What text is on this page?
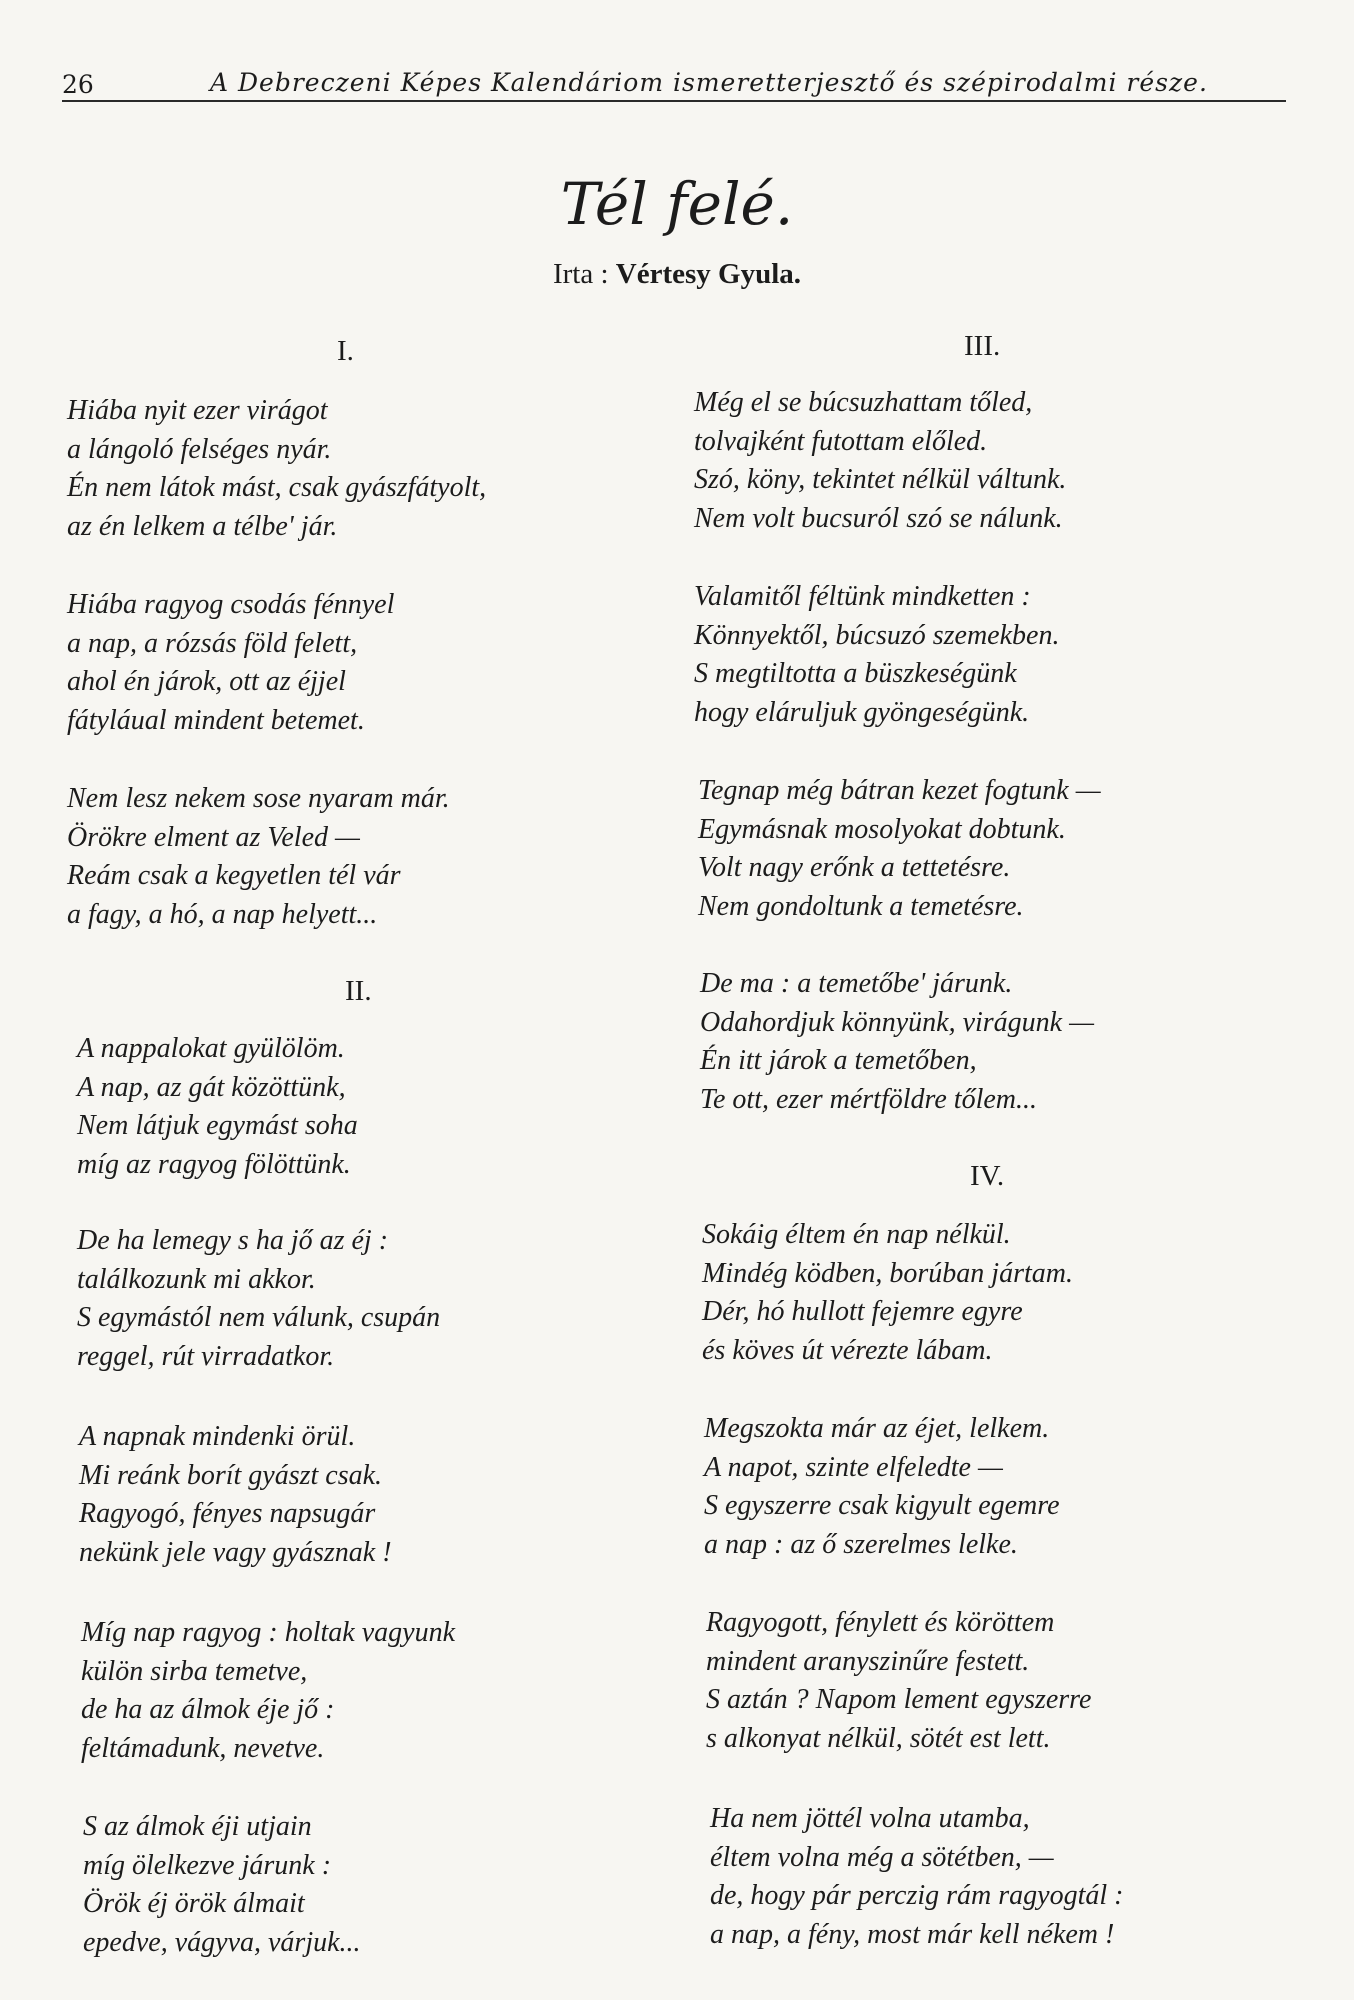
26	A Debreczeni Képes Kalendáriom ismeretterjesztő és szépirodalmi része.
Tél felé.
Irta : Vértesy Gyula.
I.
Hiába nyit ezer virágot
a lángoló felséges nyár.
Én nem látok mást, csak gyászfátyolt,
az én lelkem a télbe' jár.
Hiába ragyog csodás fénnyel
a nap, a rózsás föld felett,
ahol én járok, ott az éjjel
fátyláual mindent betemet.
Nem lesz nekem sose nyaram már.
Örökre elment az Veled —
Reám csak a kegyetlen tél vár
a fagy, a hó, a nap helyett...
II.
A nappalokat gyülölöm.
A nap, az gát közöttünk,
Nem látjuk egymást soha
míg az ragyog fölöttünk.
De ha lemegy s ha jő az éj :
találkozunk mi akkor.
S egymástól nem válunk, csupán
reggel, rút virradatkor.
A napnak mindenki örül.
Mi reánk borít gyászt csak.
Ragyogó, fényes napsugár
nekünk jele vagy gyásznak !
Míg nap ragyog : holtak vagyunk
külön sirba temetve,
de ha az álmok éje jő :
feltámadunk, nevetve.
S az álmok éji utjain
míg ölelkezve járunk :
Örök éj örök álmait
epedve, vágyva, várjuk...
III.
Még el se búcsuzhattam tőled,
tolvajként futottam előled.
Szó, köny, tekintet nélkül váltunk.
Nem volt bucsuról szó se nálunk.
Valamitől féltünk mindketten :
Könnyektől, búcsuzó szemekben.
S megtiltotta a büszkeségünk
hogy eláruljuk gyöngeségünk.
Tegnap még bátran kezet fogtunk —
Egymásnak mosolyokat dobtunk.
Volt nagy erőnk a tettetésre.
Nem gondoltunk a temetésre.
De ma : a temetőbe' járunk.
Odahordjuk könnyünk, virágunk —
Én itt járok a temetőben,
Te ott, ezer mértföldre tőlem...
IV.
Sokáig éltem én nap nélkül.
Mindég ködben, borúban jártam.
Dér, hó hullott fejemre egyre
és köves út vérezte lábam.
Megszokta már az éjet, lelkem.
A napot, szinte elfeledte —
S egyszerre csak kigyult egemre
a nap : az ő szerelmes lelke.
Ragyogott, fénylett és köröttem
mindent aranyszinűre festett.
S aztán ? Napom lement egyszerre
s alkonyat nélkül, sötét est lett.
Ha nem jöttél volna utamba,
éltem volna még a sötétben, —
de, hogy pár perczig rám ragyogtál :
a nap, a fény, most már kell nékem !
